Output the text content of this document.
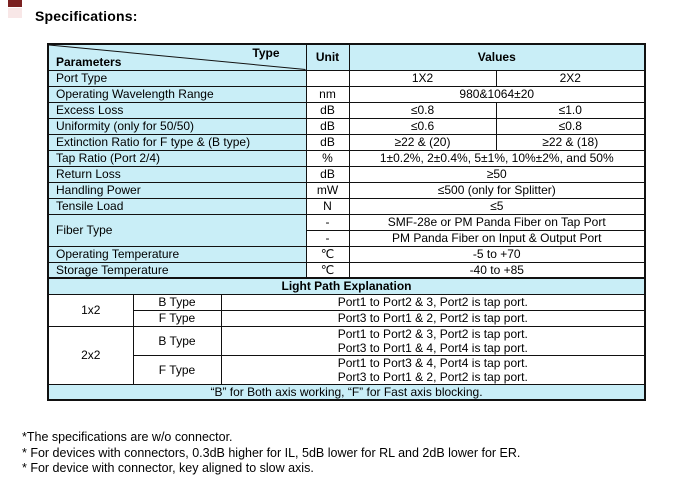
Specifications:
Type
Parameters	Unit	Values	
Port Type		1X2	2X2
Operating Wavelength Range	nm	980&1064±20	
Excess Loss	dB	≤0.8	≤1.0
Uniformity (only for 50/50)	dB	≤0.6	≤0.8
Extinction Ratio for F type & (B type)	dB	≥22 & (20)	≥22 & (18)
Tap Ratio (Port 2/4)	%	1±0.2%, 2±0.4%, 5±1%, 10%±2%, and 50%	
Return Loss	dB	≥50	
Handling Power	mW	≤500 (only for Splitter)	
Tensile Load	N	≤5	
Fiber Type	-	SMF-28e or PM Panda Fiber on Tap Port	
	-	PM Panda Fiber on Input & Output Port	
Operating Temperature	℃	-5 to +70	
Storage Temperature	℃	-40 to +85	
Light Path Explanation		
1x2	B Type	Port1 to Port2 & 3, Port2 is tap port.
	F Type	Port3 to Port1 & 2, Port2 is tap port.
2x2	B Type	Port1 to Port2 & 3, Port2 is tap port.
Port3 to Port1 & 4, Port4 is tap port.

	F Type	Port1 to Port3 & 4, Port4 is tap port.
Port3 to Port1 & 2, Port2 is tap port.

“B” for Both axis working, “F” for Fast axis blocking.		
*The specifications are w/o connector.
* For devices with connectors, 0.3dB higher for IL, 5dB lower for RL and 2dB lower for ER.
* For device with connector, key aligned to slow axis.
